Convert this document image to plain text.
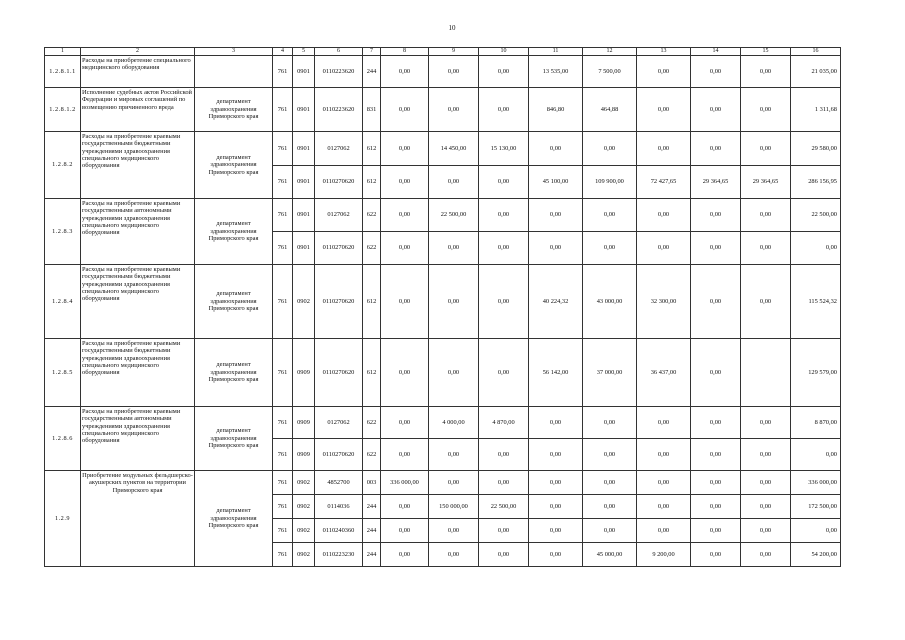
10
1	2	3	4	5	6	7	8	9	10	11	12	13	14	15	16
1.2.8.1.1	Расходы на приобретение специального медицинского оборудования		761	0901	0110223620	244	0,00	0,00	0,00	13 535,00	7 500,00	0,00	0,00	0,00	21 035,00
1.2.8.1.2	Исполнение судебных актов Российской Федерации и мировых соглашений по возмещению причиненного вреда	департамент здравоохранения Приморского края	761	0901	0110223620	831	0,00	0,00	0,00	846,80	464,88	0,00	0,00	0,00	1 311,68
1.2.8.2	Расходы на приобретение краевыми государственными бюджетными учреждениями здравоохранения специального медицинского оборудования	департамент здравоохранения Приморского края	761	0901	0127062	612	0,00	14 450,00	15 130,00	0,00	0,00	0,00	0,00	0,00	29 580,00
			761	0901	0110270620	612	0,00	0,00	0,00	45 100,00	109 900,00	72 427,65	29 364,65	29 364,65	286 156,95
1.2.8.3	Расходы на приобретение краевыми государственными автономными учреждениями здравоохранения специального медицинского оборудования	департамент здравоохранения Приморского края	761	0901	0127062	622	0,00	22 500,00	0,00	0,00	0,00	0,00	0,00	0,00	22 500,00
			761	0901	0110270620	622	0,00	0,00	0,00	0,00	0,00	0,00	0,00	0,00	0,00
1.2.8.4	Расходы на приобретение краевыми государственными бюджетными учреждениями здравоохранения специального медицинского оборудования	департамент здравоохранения Приморского края	761	0902	0110270620	612	0,00	0,00	0,00	40 224,32	43 000,00	32 300,00	0,00	0,00	115 524,32
1.2.8.5	Расходы на приобретение краевыми государственными бюджетными учреждениями здравоохранения специального медицинского оборудования	департамент здравоохранения Приморского края	761	0909	0110270620	612	0,00	0,00	0,00	56 142,00	37 000,00	36 437,00	0,00		129 579,00
1.2.8.6	Расходы на приобретение краевыми государственными автономными учреждениями здравоохранения специального медицинского оборудования	департамент здравоохранения Приморского края	761	0909	0127062	622	0,00	4 000,00	4 870,00	0,00	0,00	0,00	0,00	0,00	8 870,00
			761	0909	0110270620	622	0,00	0,00	0,00	0,00	0,00	0,00	0,00	0,00	0,00
1.2.9	Приобретение модульных фельдшерско-акушерских пунктов на территории Приморского края	департамент здравоохранения Приморского края	761	0902	4852700	003	336 000,00	0,00	0,00	0,00	0,00	0,00	0,00	0,00	336 000,00
			761	0902	0114036	244	0,00	150 000,00	22 500,00	0,00	0,00	0,00	0,00	0,00	172 500,00
			761	0902	0110240360	244	0,00	0,00	0,00	0,00	0,00	0,00	0,00	0,00	0,00
			761	0902	0110223230	244	0,00	0,00	0,00	0,00	45 000,00	9 200,00	0,00	0,00	54 200,00
